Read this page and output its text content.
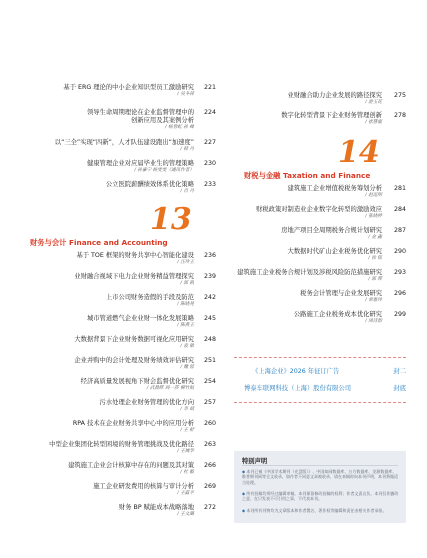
基于 ERG 理论的中小企业知识型员工激励研究
/ 吴冬萍
221
领导生命周期理论在企业监督管理中的
创新应用及其案例分析
/ 杨曾虹 孙 峰
224
以“三全”实现“四新”，人才队伍建设跑出“加速度”
/ 韩 丹
227
健康管理企业对应届毕业生的管理策略
/ 孙嘉宁 杨雯雯（通讯作者）
230
公立医院薪酬绩效体系优化策略
/ 肖 丹
233
13
财务与会计 Finance and Accounting
基于 TOE 框架的财务共享中心智能化建设
/ 汪玲玉
236
业财融合视域下电力企业财务精益管理探究
/ 郭 凯
239
上市公司财务造假的手段及防范
/ 陈晓晃
242
城市管道燃气企业业财一体化发展策略
/ 陈燕玉
245
大数据背景下企业财务数据可视化应用研究
/ 袁 敏
248
企业并购中的会计处理及财务绩效评估研究
/ 魏 蓉
251
经济高质量发展视角下财会监督优化研究
/ 武晨晖 周一莎 柳竹航
254
污水处理企业财务管理的优化方向
/ 李 斌
257
RPA 技术在企业财务共享中心中的应用分析
/ 王 舒
260
中型企业集团化转型困境的财务管理挑战及优化路径
/ 王城华
263
建筑施工企业会计核算中存在的问题及其对策
/ 杜 毅
266
施工企业研发费用的核算与审计分析
/ 王露平
269
财务 BP 赋能成本战略落地
/ 王文璐
272
业财融合助力企业发展的路径探究
/ 游玉花
275
数字化转型背景下企业财务管理创新
/ 崔慧鹿
278
14
财税与金融 Taxation and Finance
建筑施工企业增值税税务筹划分析
/ 赵迅明
281
财税政策对制造业企业数字化转型的激励效应
/ 张晓婷
284
房地产项目全周期税务合规计划研究
/ 金 鑫
287
大数据时代矿山企业税务优化研究
/ 徐 铭
290
建筑施工企业税务合规计划及涉税风险防范措施研究
/ 郭 辉
293
税务会计管理与企业发展研究
/ 常惠玲
296
公路施工企业税务成本优化研究
/ 周诗韵
299
《上海企业》2026 年征订广告	封二
博泰车联网科技（上海）股份有限公司	封底
特别声明
◆ 本刊已被《中国学术期刊（光盘版）》、中国知网数据库、万方数据库、龙源数据库、维普期刊网等全文收录，如作者不同意文章被收录，请在来稿时向本刊声明，本刊将做适当处理。
◆ 所有投稿均须经过编辑审稿，本刊保留修改投稿的权利；作者文责自负，本刊仅作删改之意，在只发表不可引用之事，不代表本刊。
◆ 本刊所有刊物均为文章版本和作者署名、著作权等编辑和责任由相关作者承担。
